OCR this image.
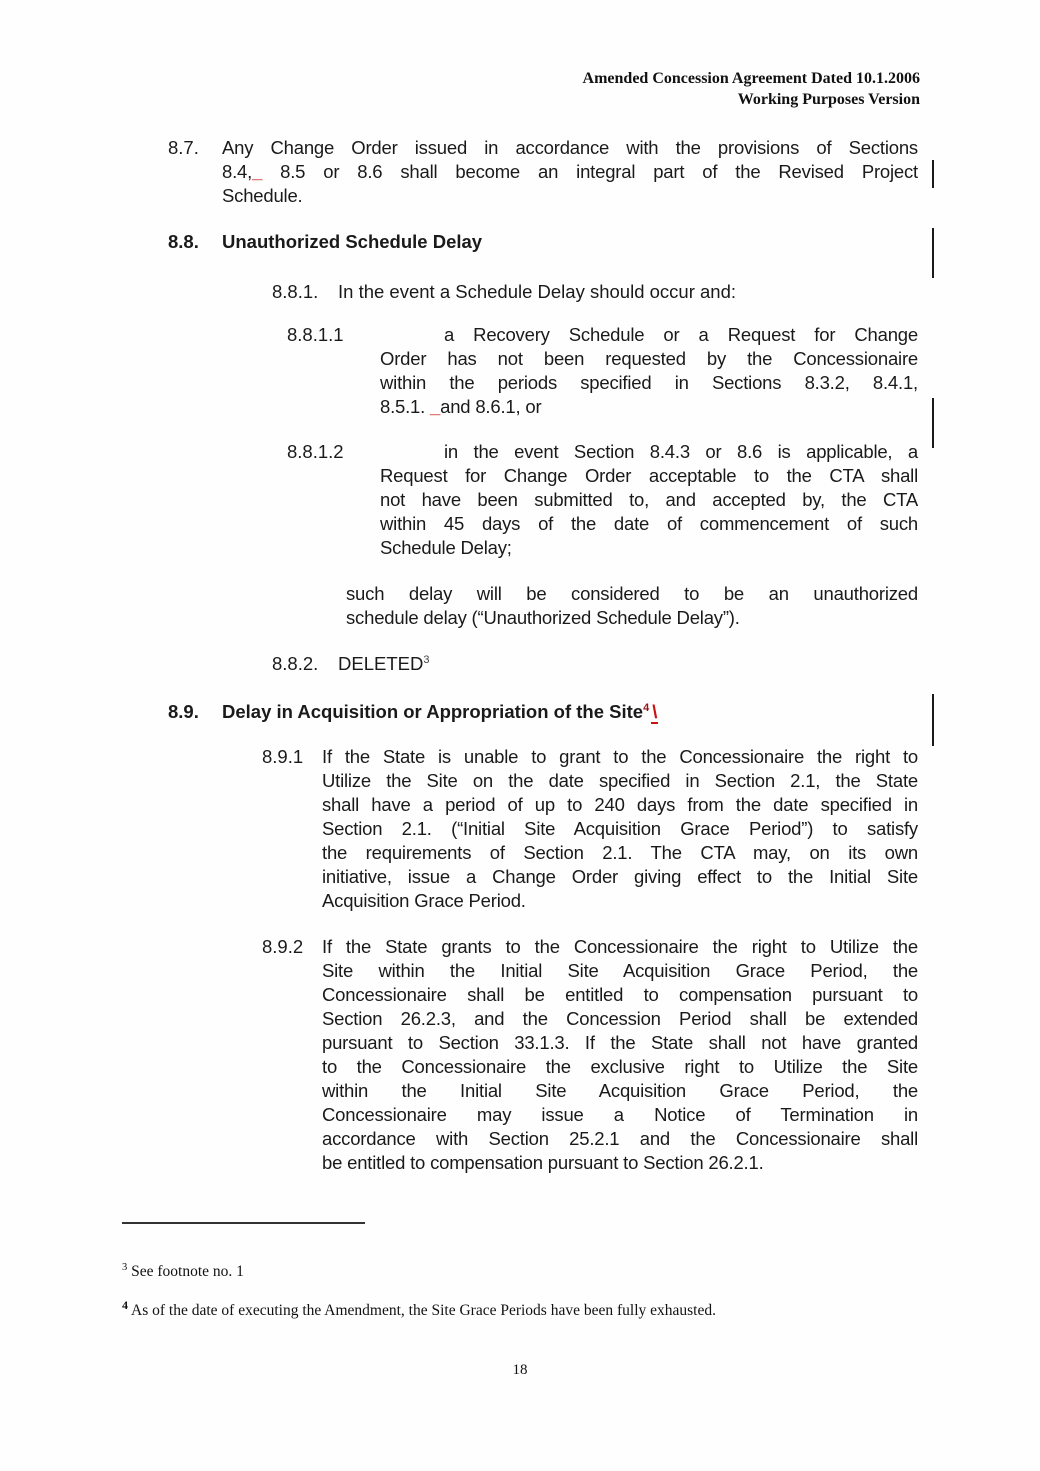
Amended Concession Agreement Dated 10.1.2006
Working Purposes Version
8.7.	Any Change Order issued in accordance with the provisions of Sections
8.4,_ 8.5 or 8.6 shall become an integral part of the Revised Project
Schedule.
8.8.	Unauthorized Schedule Delay
8.8.1.	In the event a Schedule Delay should occur and:
8.8.1.1	a Recovery Schedule or a Request for Change
Order has not been requested by the Concessionaire
within the periods specified in Sections 8.3.2, 8.4.1,
8.5.1. _and 8.6.1, or
8.8.1.2	in the event Section 8.4.3 or 8.6 is applicable, a
Request for Change Order acceptable to the CTA shall
not have been submitted to, and accepted by, the CTA
within 45 days of the date of commencement of such
Schedule Delay;
such delay will be considered to be an unauthorized
schedule delay (“Unauthorized Schedule Delay”).
8.8.2.	DELETED$^3$
8.9.	Delay in Acquisition or Appropriation of the Site$^4$ \
8.9.1	If the State is unable to grant to the Concessionaire the right to
Utilize the Site on the date specified in Section 2.1, the State
shall have a period of up to 240 days from the date specified in
Section 2.1. (“Initial Site Acquisition Grace Period”) to satisfy
the requirements of Section 2.1. The CTA may, on its own
initiative, issue a Change Order giving effect to the Initial Site
Acquisition Grace Period.
8.9.2	If the State grants to the Concessionaire the right to Utilize the
Site within the Initial Site Acquisition Grace Period, the
Concessionaire shall be entitled to compensation pursuant to
Section 26.2.3, and the Concession Period shall be extended
pursuant to Section 33.1.3. If the State shall not have granted
to the Concessionaire the exclusive right to Utilize the Site
within the Initial Site Acquisition Grace Period, the
Concessionaire may issue a Notice of Termination in
accordance with Section 25.2.1 and the Concessionaire shall
be entitled to compensation pursuant to Section 26.2.1.
$^3$ See footnote no. 1
$^4$ As of the date of executing the Amendment, the Site Grace Periods have been fully exhausted.
18
